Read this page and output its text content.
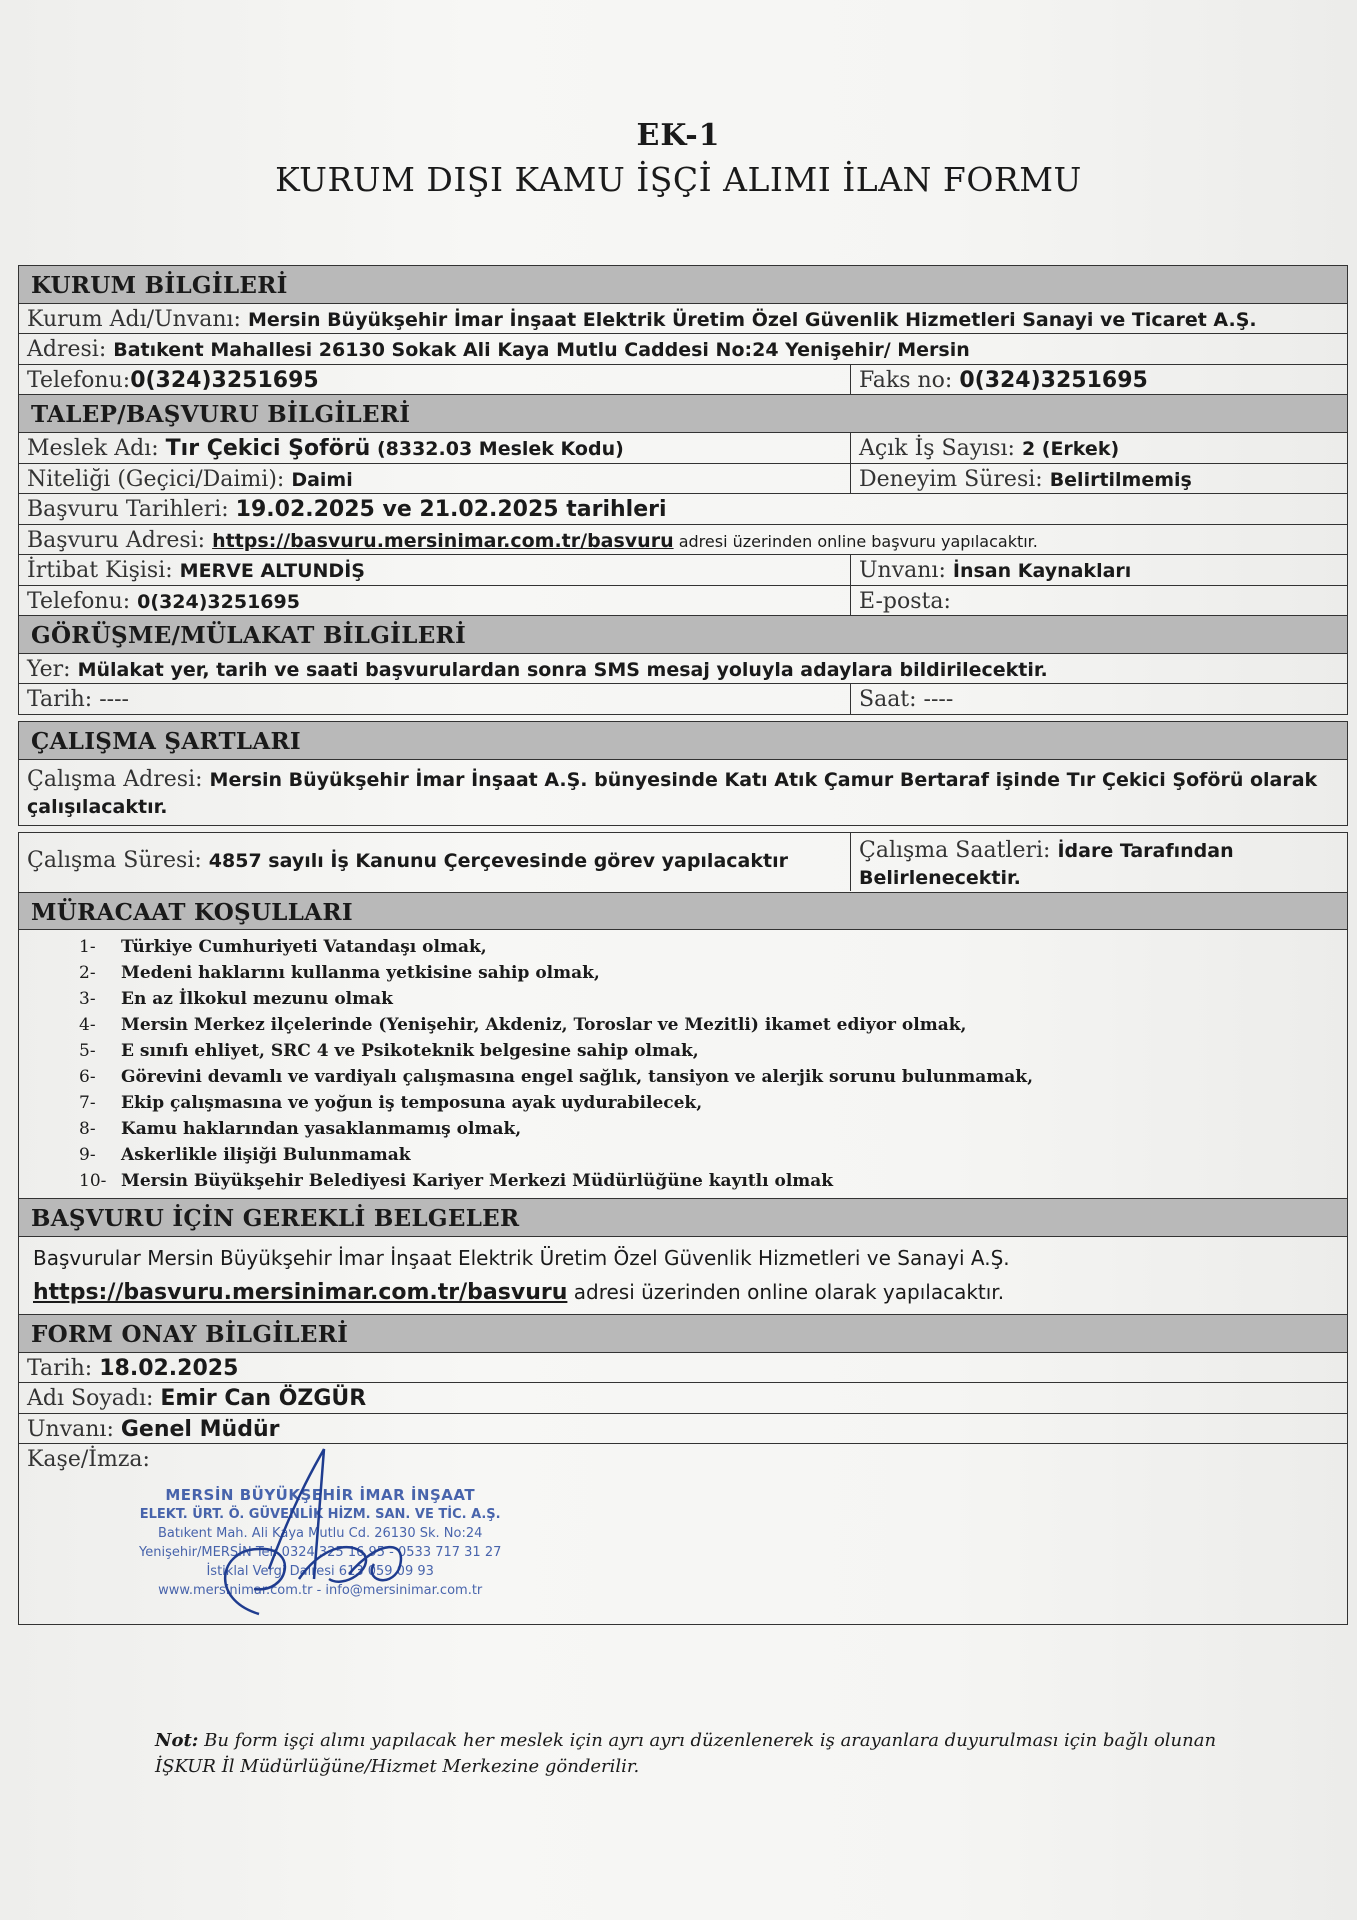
EK-1
KURUM DIŞI KAMU İŞÇİ ALIMI İLAN FORMU
KURUM BİLGİLERİ
Kurum Adı/Unvanı: Mersin Büyükşehir İmar İnşaat Elektrik Üretim Özel Güvenlik Hizmetleri Sanayi ve Ticaret A.Ş.
Adresi: Batıkent Mahallesi 26130 Sokak Ali Kaya Mutlu Caddesi No:24 Yenişehir/ Mersin
Telefonu:0(324)3251695	Faks no: 0(324)3251695
TALEP/BAŞVURU BİLGİLERİ
Meslek Adı: Tır Çekici Şoförü (8332.03 Meslek Kodu)	Açık İş Sayısı: 2 (Erkek)
Niteliği (Geçici/Daimi): Daimi	Deneyim Süresi: Belirtilmemiş
Başvuru Tarihleri: 19.02.2025 ve 21.02.2025 tarihleri
Başvuru Adresi: https://basvuru.mersinimar.com.tr/basvuru adresi üzerinden online başvuru yapılacaktır.
İrtibat Kişisi: MERVE ALTUNDİŞ	Unvanı: İnsan Kaynakları
Telefonu: 0(324)3251695	E-posta:
GÖRÜŞME/MÜLAKAT BİLGİLERİ
Yer: Mülakat yer, tarih ve saati başvurulardan sonra SMS mesaj yoluyla adaylara bildirilecektir.
Tarih: ----	Saat: ----
ÇALIŞMA ŞARTLARI
Çalışma Adresi: Mersin Büyükşehir İmar İnşaat A.Ş. bünyesinde Katı Atık Çamur Bertaraf işinde Tır Çekici Şoförü olarak çalışılacaktır.
Çalışma Süresi: 4857 sayılı İş Kanunu Çerçevesinde görev yapılacaktır	Çalışma Saatleri: İdare Tarafından Belirlenecektir.
MÜRACAAT KOŞULLARI
1-	Türkiye Cumhuriyeti Vatandaşı olmak,
2-	Medeni haklarını kullanma yetkisine sahip olmak,
3-	En az İlkokul mezunu olmak
4-	Mersin Merkez ilçelerinde (Yenişehir, Akdeniz, Toroslar ve Mezitli) ikamet ediyor olmak,
5-	E sınıfı ehliyet, SRC 4 ve Psikoteknik belgesine sahip olmak,
6-	Görevini devamlı ve vardiyalı çalışmasına engel sağlık, tansiyon ve alerjik sorunu bulunmamak,
7-	Ekip çalışmasına ve yoğun iş temposuna ayak uydurabilecek,
8-	Kamu haklarından yasaklanmamış olmak,
9-	Askerlikle ilişiği Bulunmamak
10- Mersin Büyükşehir Belediyesi Kariyer Merkezi Müdürlüğüne kayıtlı olmak
BAŞVURU İÇİN GEREKLİ BELGELER
Başvurular Mersin Büyükşehir İmar İnşaat Elektrik Üretim Özel Güvenlik Hizmetleri ve Sanayi A.Ş.
https://basvuru.mersinimar.com.tr/basvuru adresi üzerinden online olarak yapılacaktır.
FORM ONAY BİLGİLERİ
Tarih: 18.02.2025
Adı Soyadı: Emir Can ÖZGÜR
Unvanı: Genel Müdür
Kaşe/İmza:
MERSİN BÜYÜKŞEHİR İMAR İNŞAAT
ELEKT. ÜRT. Ö. GÜVENLİK HİZM. SAN. VE TİC. A.Ş.
Batıkent Mah. Ali Kaya Mutlu Cd. 26130 Sk. No:24
Yenişehir/MERSİN Tel: 0324 325 16 95 - 0533 717 31 27
İstiklal Vergi Dairesi 613 059 09 93
www.mersinimar.com.tr - info@mersinimar.com.tr
Not: Bu form işçi alımı yapılacak her meslek için ayrı ayrı düzenlenerek iş arayanlara duyurulması için bağlı olunan İŞKUR İl Müdürlüğüne/Hizmet Merkezine gönderilir.
